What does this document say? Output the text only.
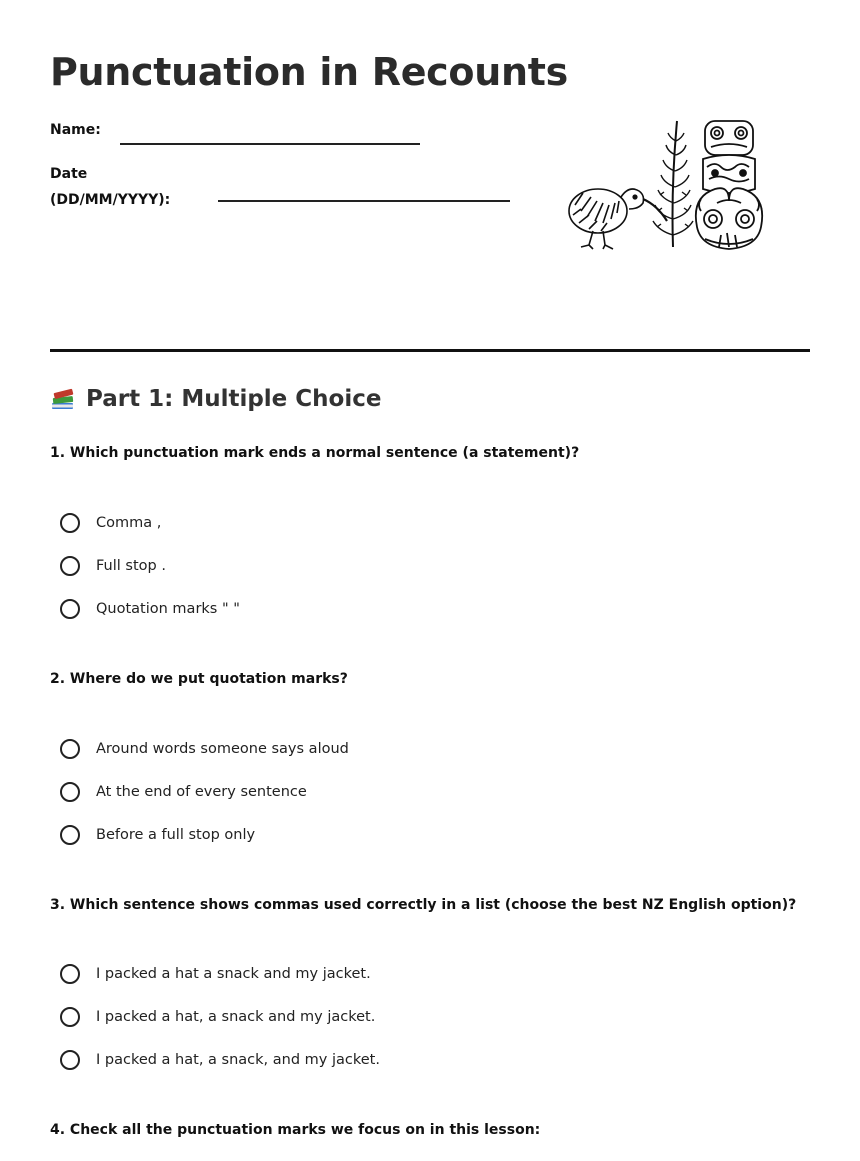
Punctuation in Recounts
Name:
Date
(DD/MM/YYYY):
Part 1: Multiple Choice

1. Which punctuation mark ends a normal sentence (a statement)?

Comma ,
Full stop .
Quotation marks " "

2. Where do we put quotation marks?

Around words someone says aloud
At the end of every sentence
Before a full stop only

3. Which sentence shows commas used correctly in a list (choose the best NZ English option)?

I packed a hat a snack and my jacket.
I packed a hat, a snack and my jacket.
I packed a hat, a snack, and my jacket.

4. Check all the punctuation marks we focus on in this lesson:
